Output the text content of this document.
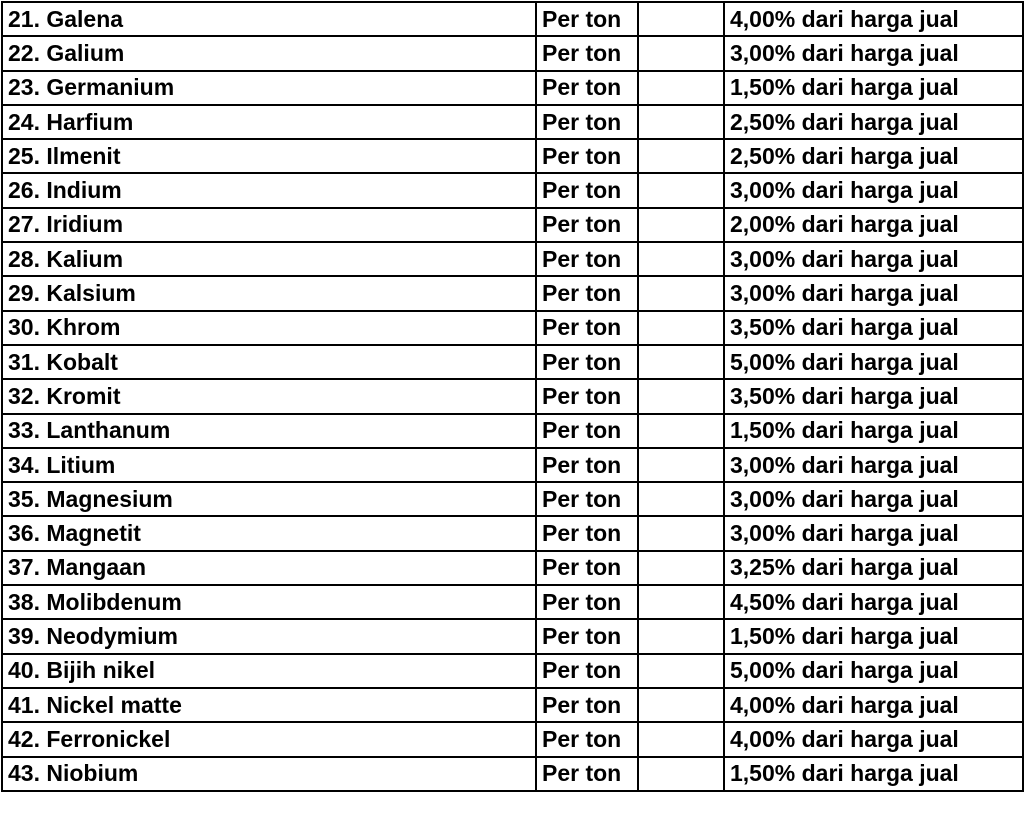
21. Galena	Per ton		4,00% dari harga jual
22. Galium	Per ton		3,00% dari harga jual
23. Germanium	Per ton		1,50% dari harga jual
24. Harfium	Per ton		2,50% dari harga jual
25. Ilmenit	Per ton		2,50% dari harga jual
26. Indium	Per ton		3,00% dari harga jual
27. Iridium	Per ton		2,00% dari harga jual
28. Kalium	Per ton		3,00% dari harga jual
29. Kalsium	Per ton		3,00% dari harga jual
30. Khrom	Per ton		3,50% dari harga jual
31. Kobalt	Per ton		5,00% dari harga jual
32. Kromit	Per ton		3,50% dari harga jual
33. Lanthanum	Per ton		1,50% dari harga jual
34. Litium	Per ton		3,00% dari harga jual
35. Magnesium	Per ton		3,00% dari harga jual
36. Magnetit	Per ton		3,00% dari harga jual
37. Mangaan	Per ton		3,25% dari harga jual
38. Molibdenum	Per ton		4,50% dari harga jual
39. Neodymium	Per ton		1,50% dari harga jual
40. Bijih nikel	Per ton		5,00% dari harga jual
41. Nickel matte	Per ton		4,00% dari harga jual
42. Ferronickel	Per ton		4,00% dari harga jual
43. Niobium	Per ton		1,50% dari harga jual
